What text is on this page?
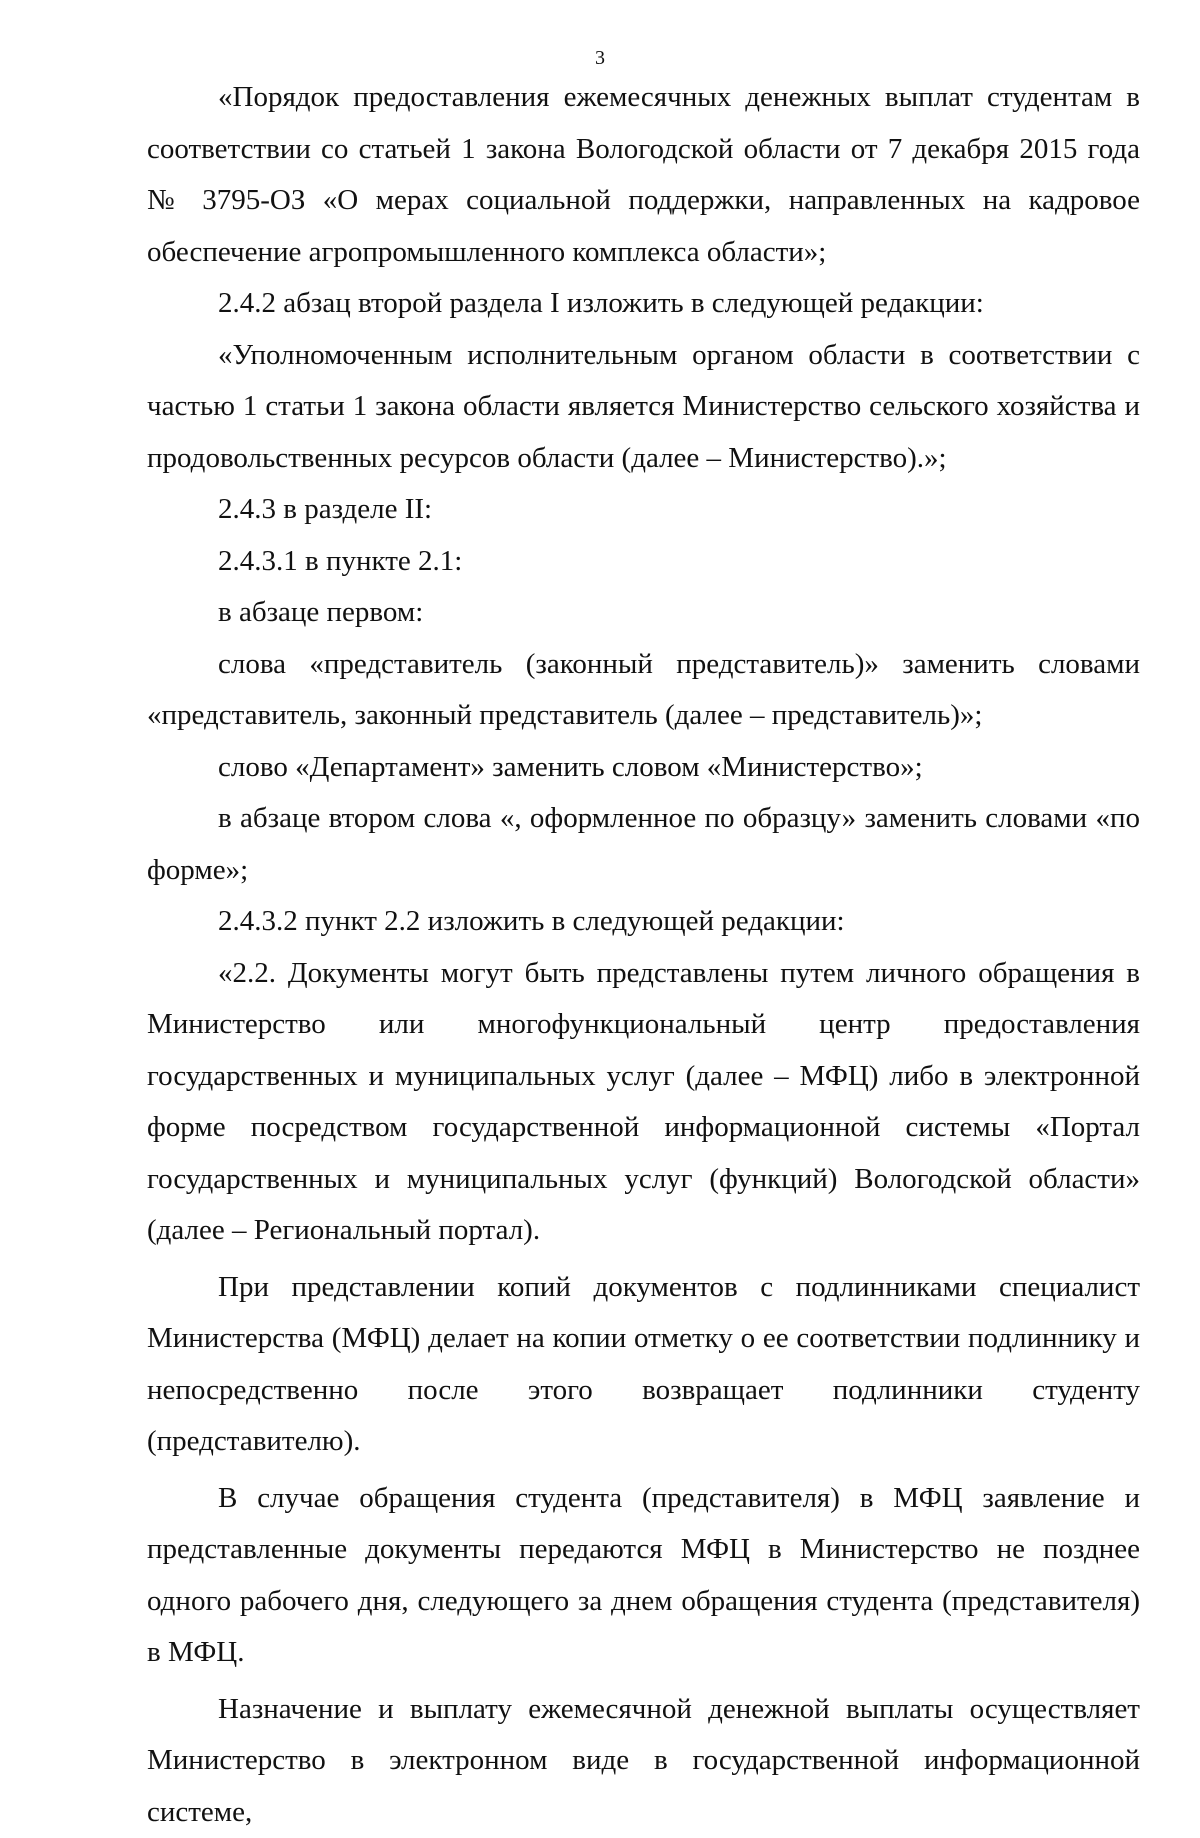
3

«Порядок предоставления ежемесячных денежных выплат студентам в соответствии со статьей 1 закона Вологодской области от 7 декабря 2015 года № 3795-ОЗ «О мерах социальной поддержки, направленных на кадровое обеспечение агропромышленного комплекса области»;

2.4.2 абзац второй раздела I изложить в следующей редакции:

«Уполномоченным исполнительным органом области в соответствии с частью 1 статьи 1 закона области является Министерство сельского хозяйства и продовольственных ресурсов области (далее – Министерство).»;

2.4.3 в разделе II:

2.4.3.1 в пункте 2.1:

в абзаце первом:

слова «представитель (законный представитель)» заменить словами «представитель, законный представитель (далее – представитель)»;

слово «Департамент» заменить словом «Министерство»;

в абзаце втором слова «, оформленное по образцу» заменить словами «по форме»;

2.4.3.2 пункт 2.2 изложить в следующей редакции:

«2.2. Документы могут быть представлены путем личного обращения в Министерство или многофункциональный центр предоставления государственных и муниципальных услуг (далее – МФЦ) либо в электронной форме посредством государственной информационной системы «Портал государственных и муниципальных услуг (функций) Вологодской области» (далее – Региональный портал).

При представлении копий документов с подлинниками специалист Министерства (МФЦ) делает на копии отметку о ее соответствии подлиннику и непосредственно после этого возвращает подлинники студенту (представителю).

В случае обращения студента (представителя) в МФЦ заявление и представленные документы передаются МФЦ в Министерство не позднее одного рабочего дня, следующего за днем обращения студента (представителя) в МФЦ.

Назначение и выплату ежемесячной денежной выплаты осуществляет Министерство в электронном виде в государственной информационной системе,
